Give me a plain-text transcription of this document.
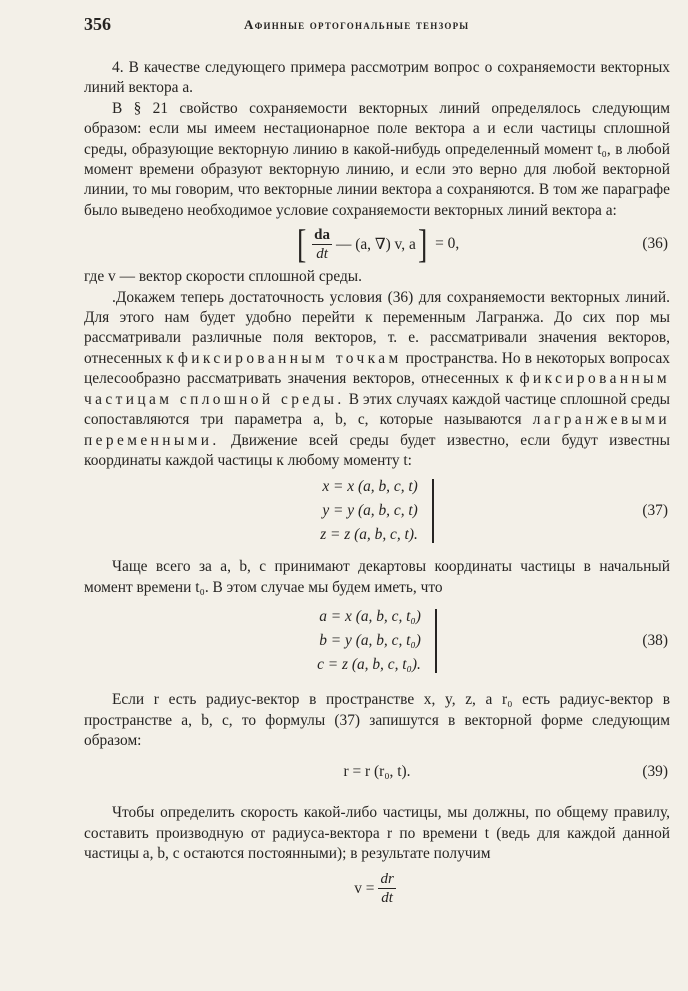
356	Афинные ортогональные тензоры

4. В качестве следующего примера рассмотрим вопрос о сохраняемости векторных линий вектора a.

В § 21 свойство сохраняемости векторных линий определялось следующим образом: если мы имеем нестационарное поле вектора a и если частицы сплошной среды, образующие векторную линию в какой-нибудь определенный момент t₀, в любой момент времени образуют векторную линию, и если это верно для любой векторной линии, то мы говорим, что векторные линии вектора a сохраняются. В том же параграфе было выведено необходимое условие сохраняемости векторных линий вектора a:

[ $\frac{da}{dt}$ — (a, ∇) v, a ] = 0,	(36)

где v — вектор скорости сплошной среды.

.Докажем теперь достаточность условия (36) для сохраняемости векторных линий. Для этого нам будет удобно перейти к переменным Лагранжа. До сих пор мы рассматривали различные поля векторов, т. е. рассматривали значения векторов, отнесенных к фиксированным точкам пространства. Но в некоторых вопросах целесообразно рассматривать значения векторов, отнесенных к фиксированным частицам сплошной среды. В этих случаях каждой частице сплошной среды сопоставляются три параметра a, b, c, которые называются лагранжевыми переменными. Движение всей среды будет известно, если будут известны координаты каждой частицы к любому моменту t:

x = x (a, b, c, t)
y = y (a, b, c, t)
z = z (a, b, c, t).
(37)

Чаще всего за a, b, c принимают декартовы координаты частицы в начальный момент времени t₀. В этом случае мы будем иметь, что

a = x (a, b, c, t₀)
b = y (a, b, c, t₀)
c = z (a, b, c, t₀).
(38)

Если r есть радиус-вектор в пространстве x, y, z, а r₀ есть радиус-вектор в пространстве a, b, c, то формулы (37) запишутся в векторной форме следующим образом:

r = r (r₀, t).	(39)

Чтобы определить скорость какой-либо частицы, мы должны, по общему правилу, составить производную от радиуса-вектора r по времени t (ведь для каждой данной частицы a, b, c остаются постоянными); в результате получим

$v = \frac{dr}{dt}$
